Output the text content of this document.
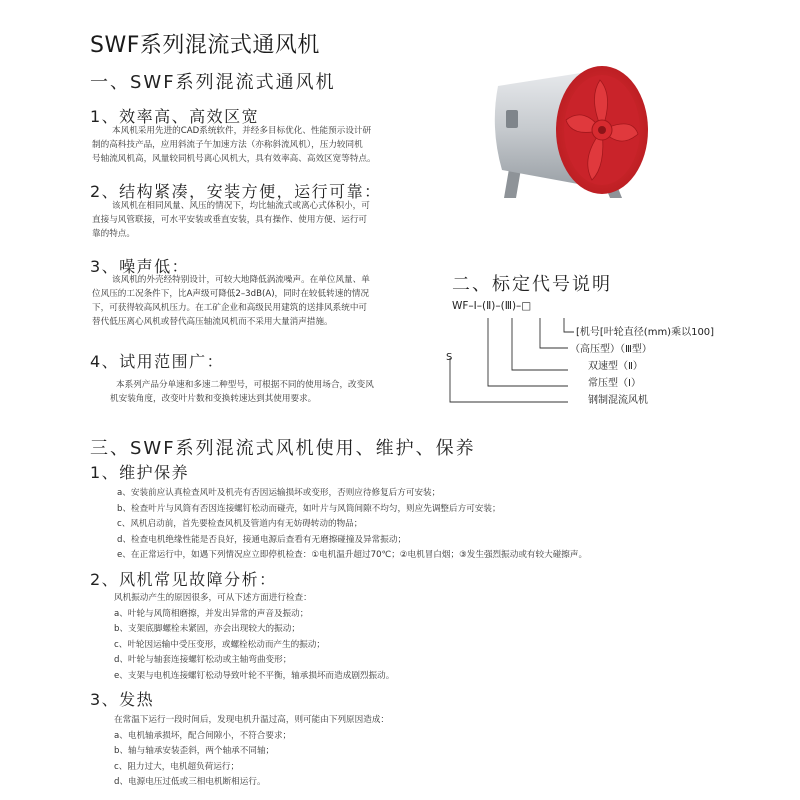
SWF系列混流式通风机
一、SWF系列混流式通风机
1、效率高、高效区宽
本风机采用先进的CAD系统软件，并经多目标优化、性能预示设计研
制的高科技产品，应用斜流子午加速方法（亦称斜流风机），压力较同机
号轴流风机高，风量较同机号离心风机大，具有效率高、高效区宽等特点。
2、结构紧凑，安装方便，运行可靠：
该风机在相同风量、风压的情况下，均比轴流式或离心式体积小，可
直接与风管联接，可水平安装或垂直安装，具有操作、使用方便、运行可
靠的特点。
3、噪声低：
该风机的外壳经特别设计，可较大地降低涡流噪声。在单位风量、单
位风压的工况条件下，比A声级可降低2–3dB(A)，同时在较低转速的情况
下，可获得较高风机压力。在工矿企业和高级民用建筑的送排风系统中可
替代低压离心风机或替代高压轴流风机而不采用大量消声措施。
4、试用范围广：
本系列产品分单速和多速二种型号，可根据不同的使用场合，改变风
机安装角度，改变叶片数和变换转速达到其使用要求。
二、标定代号说明
WF–Ⅰ–(Ⅱ)–(Ⅲ)–□
S
[机号[叶轮直径(mm)乘以100]
（高压型）（Ⅲ型）
双速型（Ⅱ）
常压型（Ⅰ）
钢制混流风机
三、SWF系列混流式风机使用、维护、保养
1、维护保养
a、安装前应认真检查风叶及机壳有否因运输损坏或变形，否则应待修复后方可安装；
b、检查叶片与风筒有否因连接螺钉松动而碰壳，如叶片与风筒间隙不均匀，则应先调整后方可安装；
c、风机启动前，首先要检查风机及管道内有无妨碍转动的物品；
d、检查电机绝缘性能是否良好，接通电源后查看有无磨擦碰撞及异常振动；
e、在正常运行中，如遇下列情况应立即停机检查：①电机温升超过70℃；②电机冒白烟；③发生强烈振动或有较大碰擦声。
2、风机常见故障分析：
风机振动产生的原因很多，可从下述方面进行检查：
a、叶轮与风筒相磨擦，并发出异常的声音及振动；
b、支架底脚螺栓未紧固，亦会出现较大的振动；
c、叶轮因运输中受压变形，或螺栓松动而产生的振动；
d、叶轮与轴套连接螺钉松动或主轴弯曲变形；
e、支架与电机连接螺钉松动导致叶轮不平衡，轴承损坏而造成剧烈振动。
3、发热
在常温下运行一段时间后，发现电机升温过高，则可能由下列原因造成：
a、电机轴承损坏，配合间隙小，不符合要求；
b、轴与轴承安装歪斜，两个轴承不同轴；
c、阻力过大，电机超负荷运行；
d、电源电压过低或三相电机断相运行。
